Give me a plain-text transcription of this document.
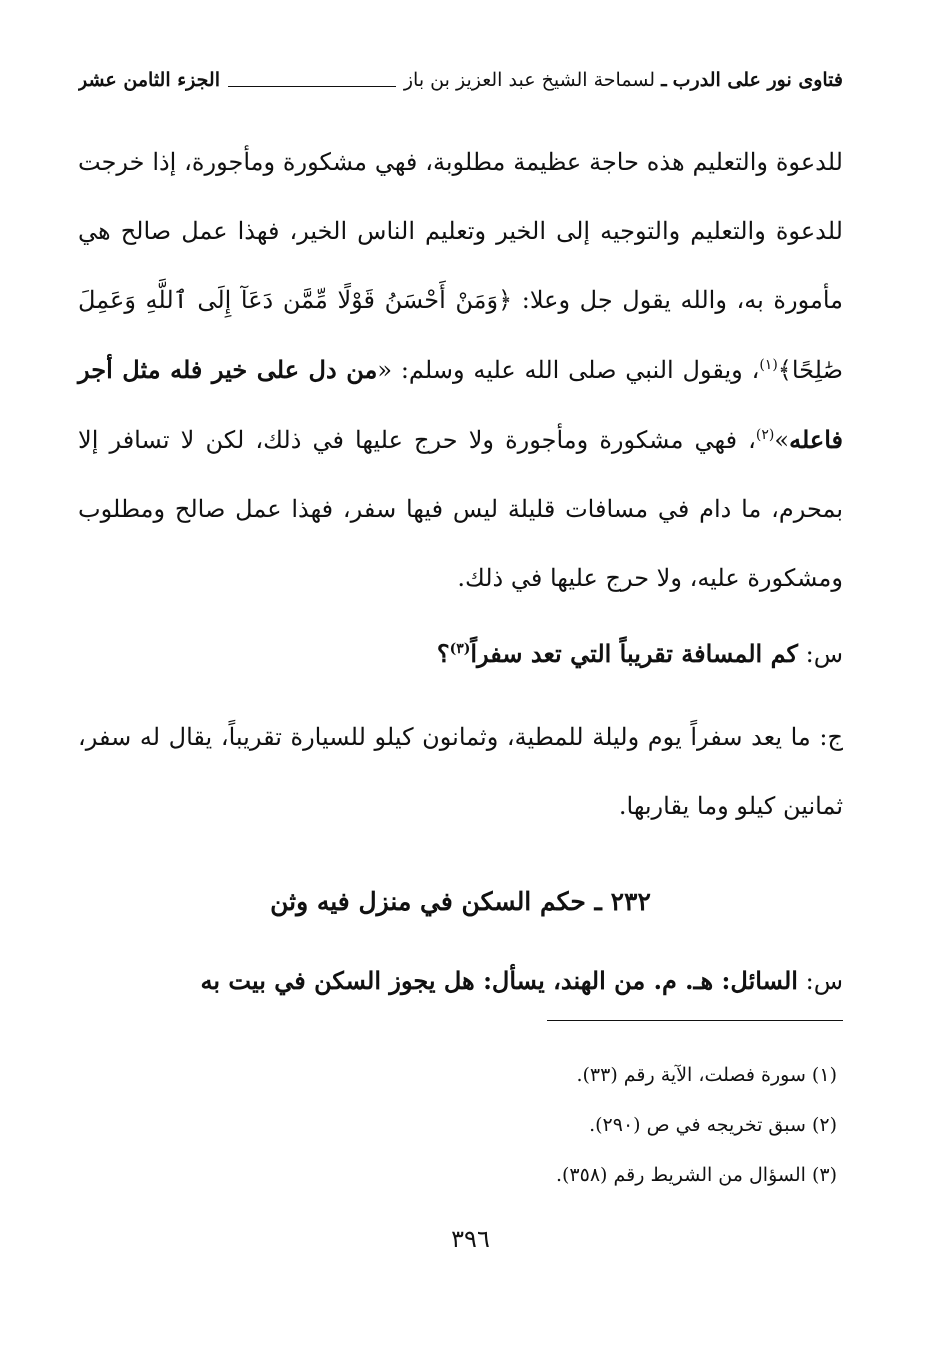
فتاوى نور على الدرب
ـ
لسماحة الشيخ عبد العزيز بن باز
الجزء الثامن عشر

للدعوة والتعليم هذه حاجة عظيمة مطلوبة، فهي مشكورة ومأجورة، إذا خرجت للدعوة والتعليم والتوجيه إلى الخير وتعليم الناس الخير، فهذا عمل صالح هي مأمورة به، والله يقول جل وعلا: ﴿وَمَنْ أَحْسَنُ قَوْلًا مِّمَّن دَعَآ إِلَى ٱللَّهِ وَعَمِلَ صَٰلِحًا﴾$^{(١)}$، ويقول النبي صلى الله عليه وسلم: «من دل على خير فله مثل أجر فاعله»$^{(٢)}$، فهي مشكورة ومأجورة ولا حرج عليها في ذلك، لكن لا تسافر إلا بمحرم، ما دام في مسافات قليلة ليس فيها سفر، فهذا عمل صالح ومطلوب ومشكورة عليه، ولا حرج عليها في ذلك.

س: كم المسافة تقريباً التي تعد سفراً$^{(٣)}$؟

ج: ما يعد سفراً يوم وليلة للمطية، وثمانون كيلو للسيارة تقريباً، يقال له سفر، ثمانين كيلو وما يقاربها.

٢٣٢ ـ حكم السكن في منزل فيه وثن

س: السائل: هـ. م. من الهند، يسأل: هل يجوز السكن في بيت به

(١) سورة فصلت، الآية رقم (٣٣).
(٢) سبق تخريجه في ص (٢٩٠).
(٣) السؤال من الشريط رقم (٣٥٨).
٣٩٦
